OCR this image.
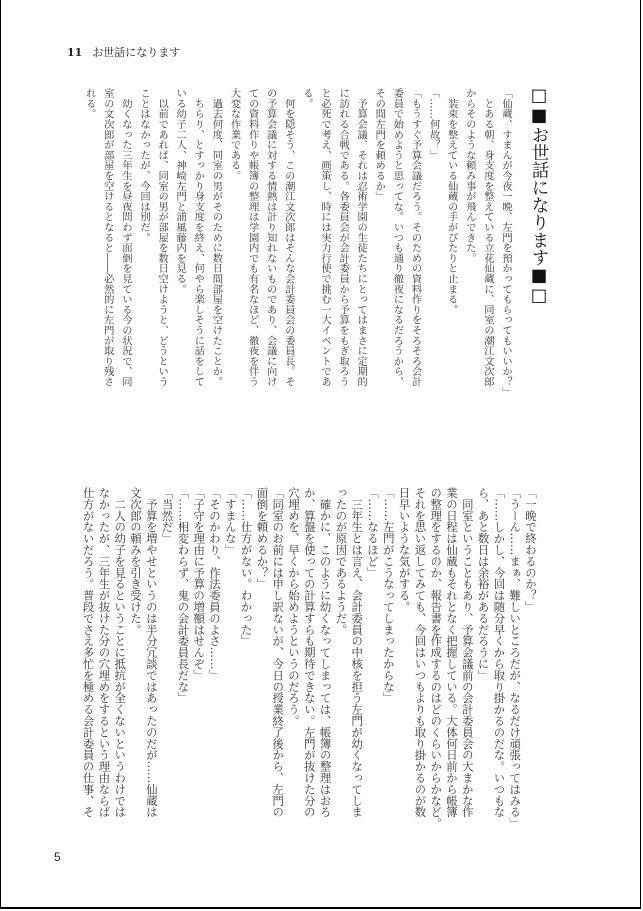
11 お世話になります
□■お世話になります■□
「仙蔵、すまんが今夜一晩、左門を預かってもらってもいいか？」
　とある朝、身支度を整えている立花仙蔵に、同室の潮江文次郎
からそのような頼み事が飛んできた。
　装束を整えている仙蔵の手がぴたりと止まる。
「……何故？」
「もうすぐ予算会議だろう。そのための資料作りをそろそろ会計
委員で始めようと思ってな。いつも通り徹夜になるだろうから、
その間左門を頼めるか」
　予算会議、それは忍術学園の生徒たちにとってはまさに定期的
に訪れる合戦である。各委員会が会計委員から予算をもぎ取ろう
と必死で考え、画策し、時には実力行使で挑む一大イベントであ
る。
　何を隠そう、この潮江文次郎はそんな会計委員会の委員長。そ
の予算会議に対する情熱は計り知れないものであり、会議に向け
ての資料作りや帳簿の整理は学園内でも有名なほど、徹夜を伴う
大変な作業である。
　過去何度、同室の男がそのために数日間部屋を空けたことか。
　ちらり、とすっかり身支度を終え、何やら楽しそうに話をして
いる幼子二人、神崎左門と浦風藤内を見る。
　以前であれば、同室の男が部屋を数日空けようと、どうという
ことはなかったが、今回は別だ。
　幼くなった三年生を昼夜問わず面倒を見ている今の状況で、同
室の文次郎が部屋を空けるとなると――必然的に左門が取り残さ
れる。
「一晩で終わるのか？」
「うーん……まぁ、難しいところだが、なるだけ頑張ってはみる」
「……しかし、今回は随分早くから取り掛かるのだな。いつもな
ら、あと数日は余裕があるだろうに」
　同室ということもあり、予算会議前の会計委員会の大まかな作
業の日程は仙蔵もそれとなく把握している。大体何日前から帳簿
の整理をするのか、報告書を作成するのはどのくらいからかなど。
それを思い返してみても、今回はいつもよりも取り掛かるのが数
日早いような気がする。
「……左門がこうなってしまったからな」
「……なるほど」
　三年生とは言え、会計委員の中核を担う左門が幼くなってしま
ったのが原因であるようだ。
　確かに、このように幼くなってしまっては、帳簿の整理はおろ
か、算盤を使っての計算すらも期待できない。左門が抜けた分の
穴埋めを、早くから始めようというのだろう。
「同室のお前には申し訳ないが、今日の授業終了後から、左門の
面倒を頼めるか？」
「……仕方がない。わかった」
「すまんな」
「そのかわり、作法委員のよさ……」
「子守を理由に予算の増額はせんぞ」
「……相変わらず、鬼の会計委員長だな」
「当然だ」
　予算を増やせというのは半分冗談ではあったのだが……仙蔵は
文次郎の頼みを引き受けた。
　二人の幼子を見るということに抵抗が全くないというわけでは
なかったが、三年生が抜けた分の穴埋めをするという理由ならば
仕方がないだろう。普段でさえ多忙を極める会計委員の仕事、そ
5
